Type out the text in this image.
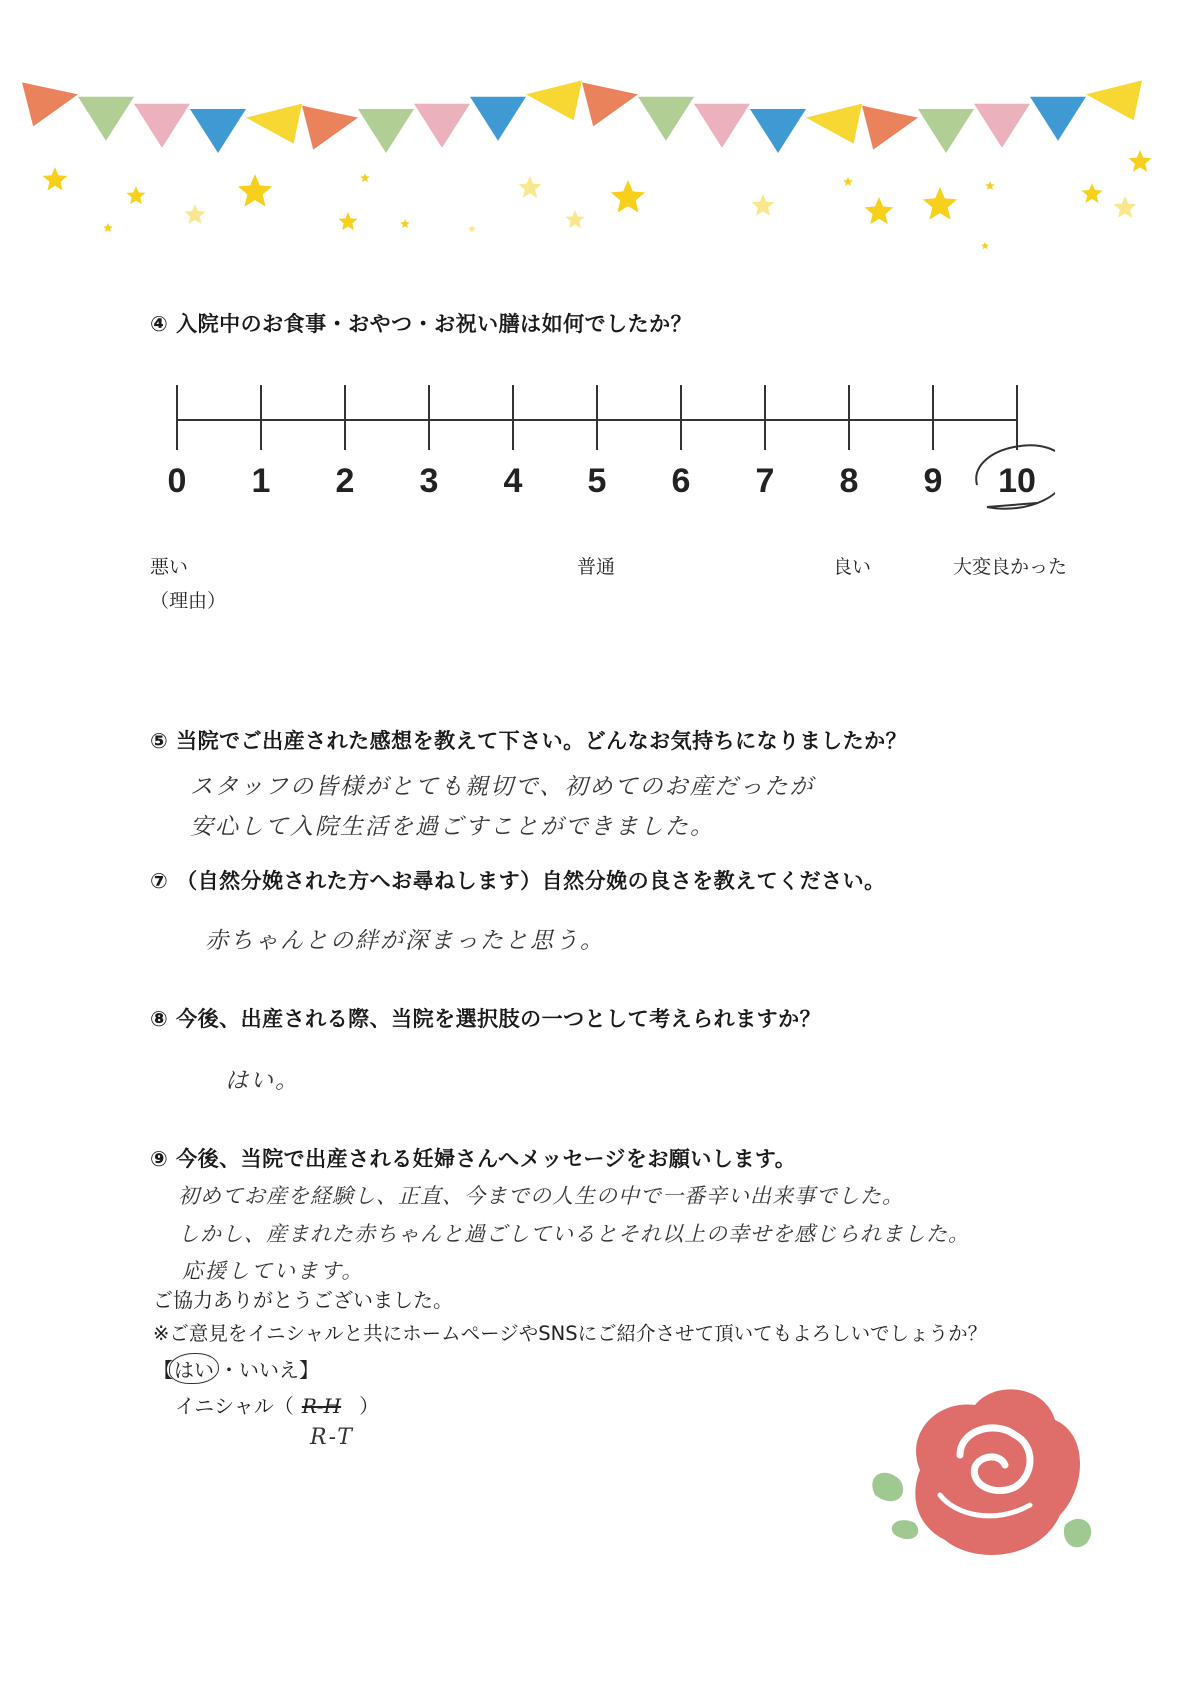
④ 入院中のお食事・おやつ・お祝い膳は如何でしたか？
0 1 2 3 4 5 6 7 8 9 10
悪い	普通	良い	大変良かった
（理由）
⑤ 当院でご出産された感想を教えて下さい。どんなお気持ちになりましたか？
スタッフの皆様がとても親切で、初めてのお産だったが
安心して入院生活を過ごすことができました。
⑦ （自然分娩された方へお尋ねします）自然分娩の良さを教えてください。
赤ちゃんとの絆が深まったと思う。
⑧ 今後、出産される際、当院を選択肢の一つとして考えられますか？
はい。
⑨ 今後、当院で出産される妊婦さんへメッセージをお願いします。
初めてお産を経験し、正直、今までの人生の中で一番辛い出来事でした。
しかし、産まれた赤ちゃんと過ごしているとそれ以上の幸せを感じられました。
応援しています。
ご協力ありがとうございました。
※ご意見をイニシャルと共にホームページやSNSにご紹介させて頂いてもよろしいでしょうか？
【はい ・いいえ】
イニシャル（ R-H ）
R-T
